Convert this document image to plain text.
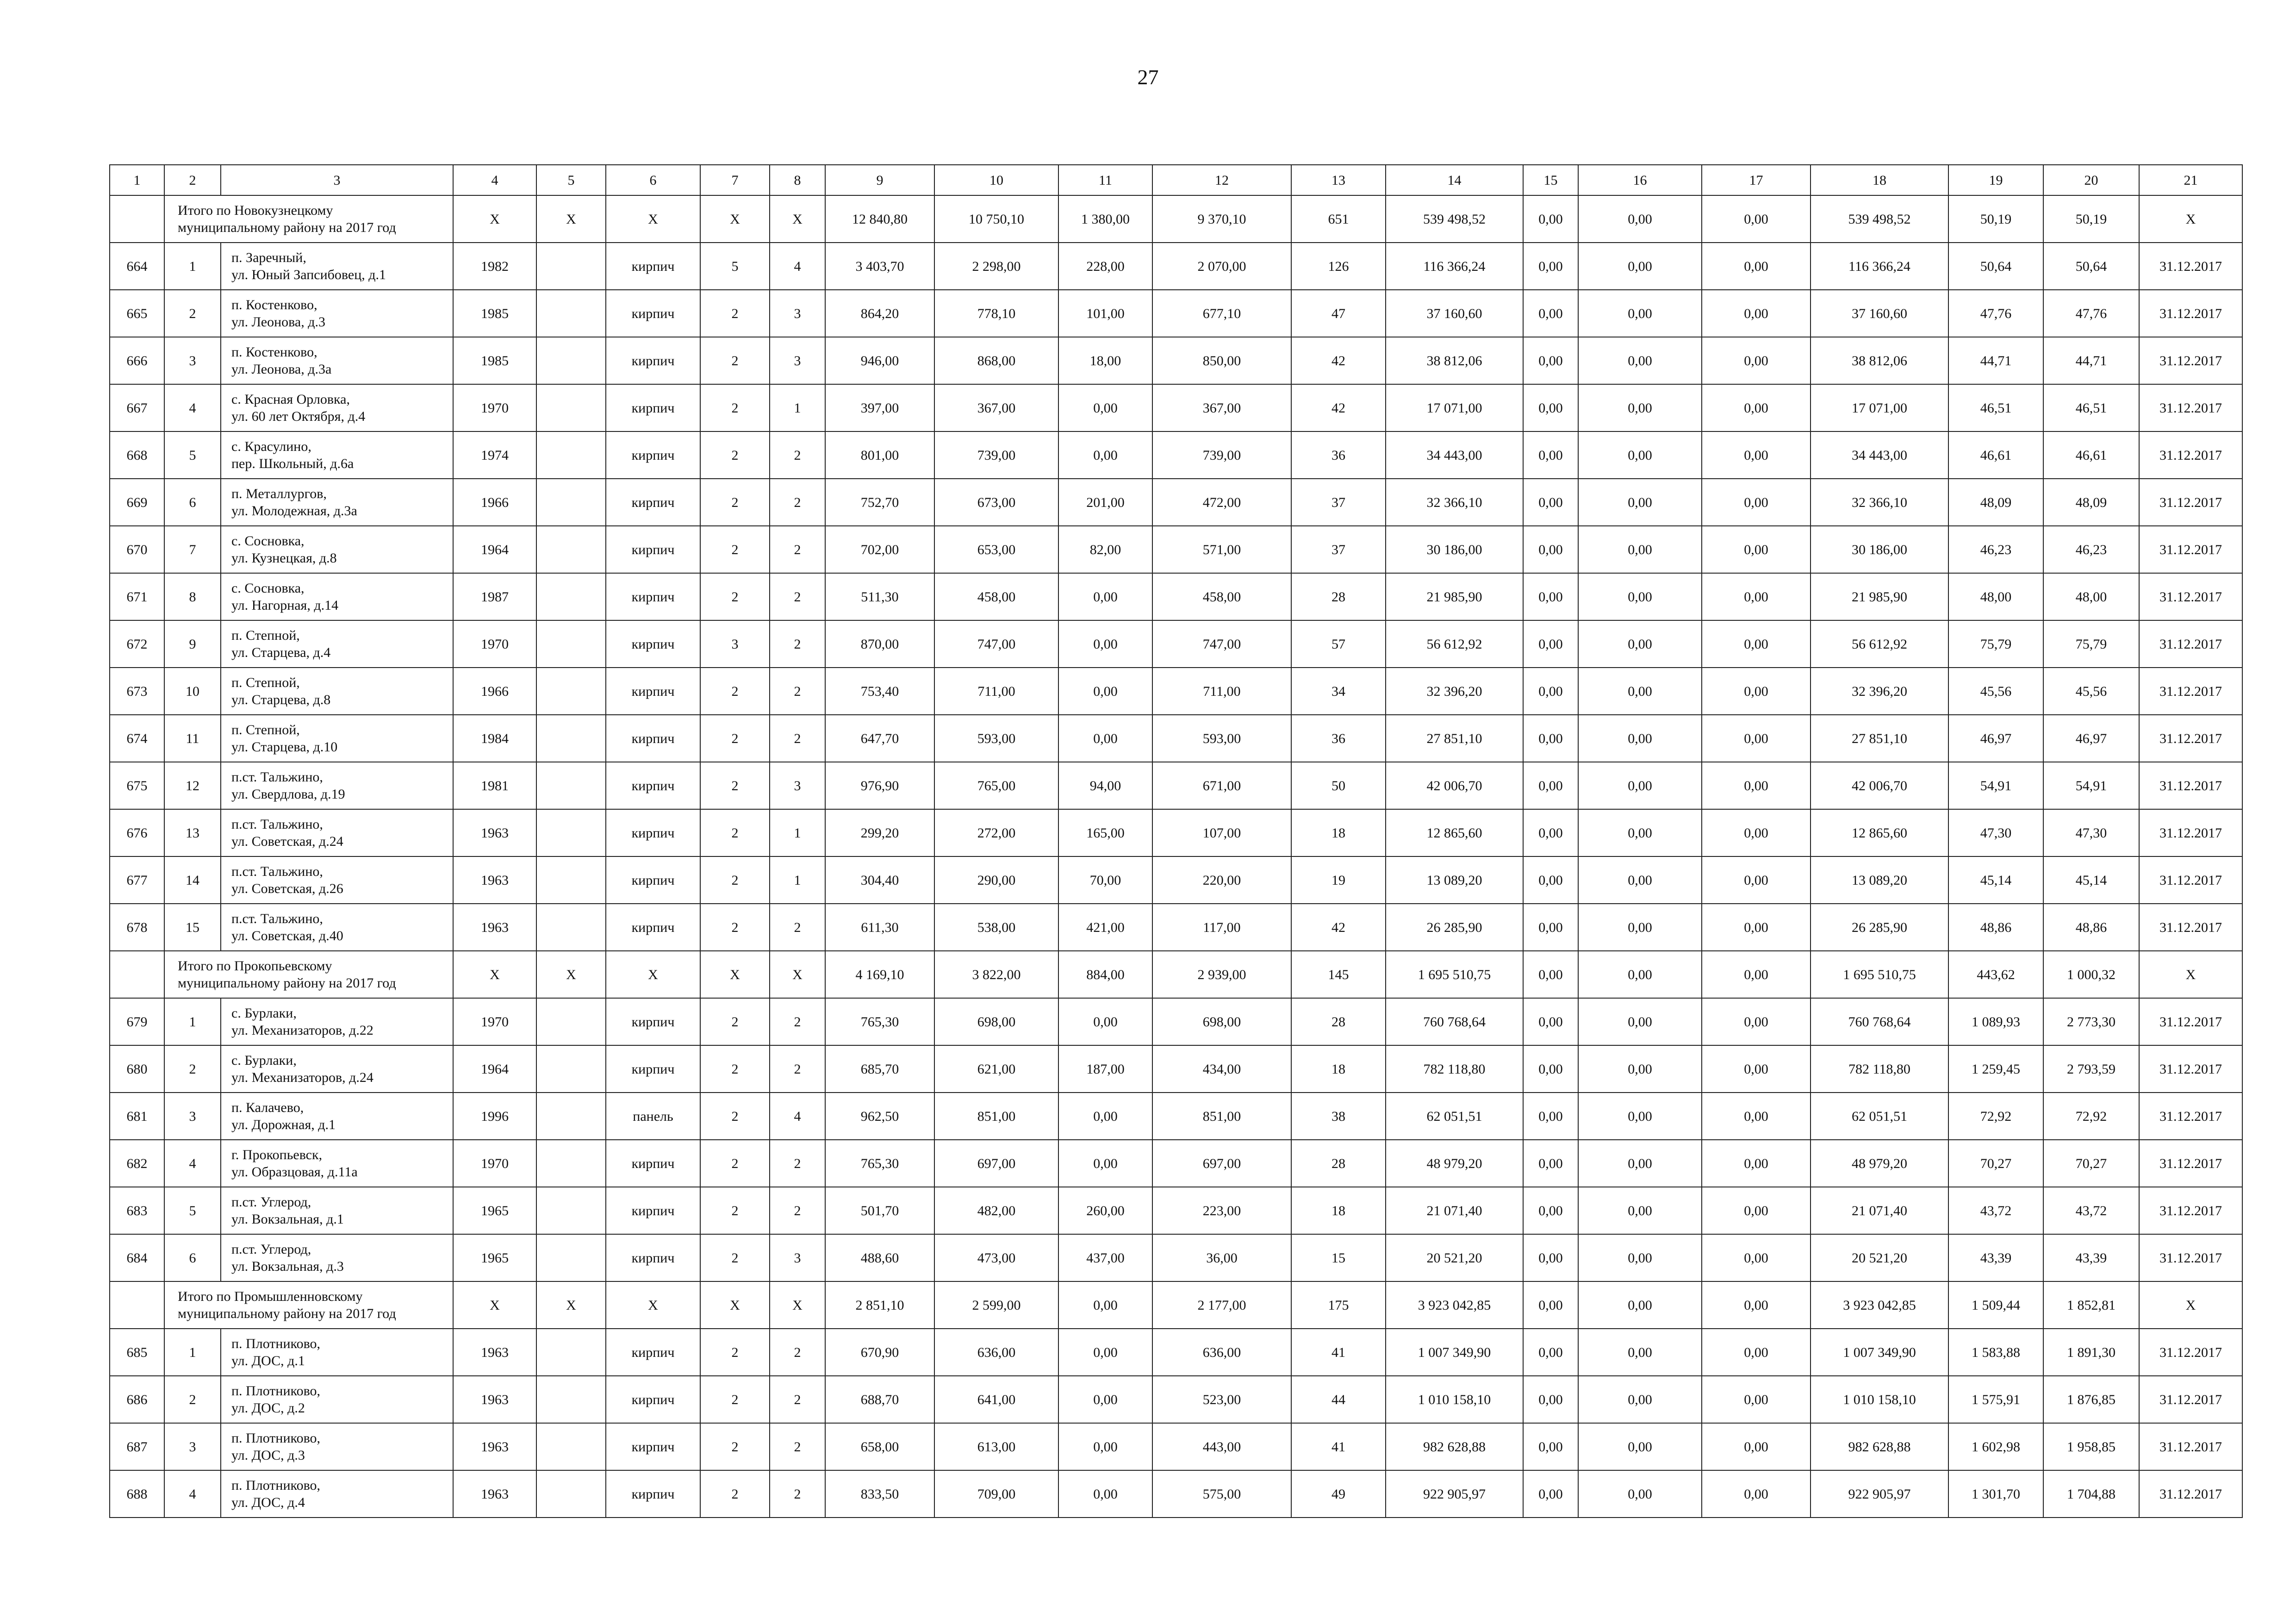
27
1	2	3	4	5	6	7	8	9	10	11	12	13	14	15	16	17	18	19	20	21

	Итого по Новокузнецкому
муниципальному району на 2017 год		X	X	X	X	X	12 840,80	10 750,10	1 380,00	9 370,10	651	539 498,52	0,00	0,00	0,00	539 498,52	50,19	50,19	X
664	1	п. Заречный,
ул. Юный Запсибовец, д.1	1982		кирпич	5	4	3 403,70	2 298,00	228,00	2 070,00	126	116 366,24	0,00	0,00	0,00	116 366,24	50,64	50,64	31.12.2017
665	2	п. Костенково,
ул. Леонова, д.3	1985		кирпич	2	3	864,20	778,10	101,00	677,10	47	37 160,60	0,00	0,00	0,00	37 160,60	47,76	47,76	31.12.2017
666	3	п. Костенково,
ул. Леонова, д.3а	1985		кирпич	2	3	946,00	868,00	18,00	850,00	42	38 812,06	0,00	0,00	0,00	38 812,06	44,71	44,71	31.12.2017
667	4	с. Красная Орловка,
ул. 60 лет Октября, д.4	1970		кирпич	2	1	397,00	367,00	0,00	367,00	42	17 071,00	0,00	0,00	0,00	17 071,00	46,51	46,51	31.12.2017
668	5	с. Красулино,
пер. Школьный, д.6а	1974		кирпич	2	2	801,00	739,00	0,00	739,00	36	34 443,00	0,00	0,00	0,00	34 443,00	46,61	46,61	31.12.2017
669	6	п. Металлургов,
ул. Молодежная, д.3а	1966		кирпич	2	2	752,70	673,00	201,00	472,00	37	32 366,10	0,00	0,00	0,00	32 366,10	48,09	48,09	31.12.2017
670	7	с. Сосновка,
ул. Кузнецкая, д.8	1964		кирпич	2	2	702,00	653,00	82,00	571,00	37	30 186,00	0,00	0,00	0,00	30 186,00	46,23	46,23	31.12.2017
671	8	с. Сосновка,
ул. Нагорная, д.14	1987		кирпич	2	2	511,30	458,00	0,00	458,00	28	21 985,90	0,00	0,00	0,00	21 985,90	48,00	48,00	31.12.2017
672	9	п. Степной,
ул. Старцева, д.4	1970		кирпич	3	2	870,00	747,00	0,00	747,00	57	56 612,92	0,00	0,00	0,00	56 612,92	75,79	75,79	31.12.2017
673	10	п. Степной,
ул. Старцева, д.8	1966		кирпич	2	2	753,40	711,00	0,00	711,00	34	32 396,20	0,00	0,00	0,00	32 396,20	45,56	45,56	31.12.2017
674	11	п. Степной,
ул. Старцева, д.10	1984		кирпич	2	2	647,70	593,00	0,00	593,00	36	27 851,10	0,00	0,00	0,00	27 851,10	46,97	46,97	31.12.2017
675	12	п.ст. Тальжино,
ул. Свердлова, д.19	1981		кирпич	2	3	976,90	765,00	94,00	671,00	50	42 006,70	0,00	0,00	0,00	42 006,70	54,91	54,91	31.12.2017
676	13	п.ст. Тальжино,
ул. Советская, д.24	1963		кирпич	2	1	299,20	272,00	165,00	107,00	18	12 865,60	0,00	0,00	0,00	12 865,60	47,30	47,30	31.12.2017
677	14	п.ст. Тальжино,
ул. Советская, д.26	1963		кирпич	2	1	304,40	290,00	70,00	220,00	19	13 089,20	0,00	0,00	0,00	13 089,20	45,14	45,14	31.12.2017
678	15	п.ст. Тальжино,
ул. Советская, д.40	1963		кирпич	2	2	611,30	538,00	421,00	117,00	42	26 285,90	0,00	0,00	0,00	26 285,90	48,86	48,86	31.12.2017

	Итого по Прокопьевскому
муниципальному району на 2017 год		X	X	X	X	X	4 169,10	3 822,00	884,00	2 939,00	145	1 695 510,75	0,00	0,00	0,00	1 695 510,75	443,62	1 000,32	X
679	1	с. Бурлаки,
ул. Механизаторов, д.22	1970		кирпич	2	2	765,30	698,00	0,00	698,00	28	760 768,64	0,00	0,00	0,00	760 768,64	1 089,93	2 773,30	31.12.2017
680	2	с. Бурлаки,
ул. Механизаторов, д.24	1964		кирпич	2	2	685,70	621,00	187,00	434,00	18	782 118,80	0,00	0,00	0,00	782 118,80	1 259,45	2 793,59	31.12.2017
681	3	п. Калачево,
ул. Дорожная, д.1	1996		панель	2	4	962,50	851,00	0,00	851,00	38	62 051,51	0,00	0,00	0,00	62 051,51	72,92	72,92	31.12.2017
682	4	г. Прокопьевск,
ул. Образцовая, д.11а	1970		кирпич	2	2	765,30	697,00	0,00	697,00	28	48 979,20	0,00	0,00	0,00	48 979,20	70,27	70,27	31.12.2017
683	5	п.ст. Углерод,
ул. Вокзальная, д.1	1965		кирпич	2	2	501,70	482,00	260,00	223,00	18	21 071,40	0,00	0,00	0,00	21 071,40	43,72	43,72	31.12.2017
684	6	п.ст. Углерод,
ул. Вокзальная, д.3	1965		кирпич	2	3	488,60	473,00	437,00	36,00	15	20 521,20	0,00	0,00	0,00	20 521,20	43,39	43,39	31.12.2017

	Итого по Промышленновскому
муниципальному району на 2017 год		X	X	X	X	X	2 851,10	2 599,00	0,00	2 177,00	175	3 923 042,85	0,00	0,00	0,00	3 923 042,85	1 509,44	1 852,81	X
685	1	п. Плотниково,
ул. ДОС, д.1	1963		кирпич	2	2	670,90	636,00	0,00	636,00	41	1 007 349,90	0,00	0,00	0,00	1 007 349,90	1 583,88	1 891,30	31.12.2017
686	2	п. Плотниково,
ул. ДОС, д.2	1963		кирпич	2	2	688,70	641,00	0,00	523,00	44	1 010 158,10	0,00	0,00	0,00	1 010 158,10	1 575,91	1 876,85	31.12.2017
687	3	п. Плотниково,
ул. ДОС, д.3	1963		кирпич	2	2	658,00	613,00	0,00	443,00	41	982 628,88	0,00	0,00	0,00	982 628,88	1 602,98	1 958,85	31.12.2017
688	4	п. Плотниково,
ул. ДОС, д.4	1963		кирпич	2	2	833,50	709,00	0,00	575,00	49	922 905,97	0,00	0,00	0,00	922 905,97	1 301,70	1 704,88	31.12.2017
